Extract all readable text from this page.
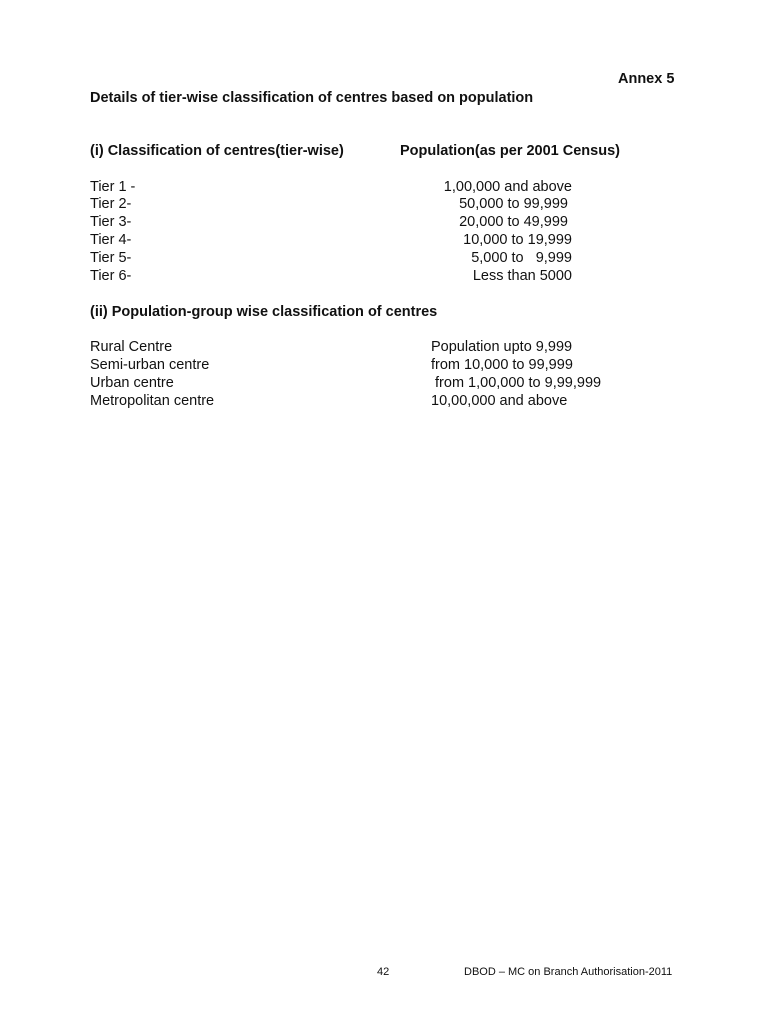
Annex 5
Details of tier-wise classification of centres based on population
(i) Classification of centres(tier-wise)	Population(as per 2001 Census)
Tier 1 -	1,00,000 and above
Tier 2-	50,000 to 99,999
Tier 3-	20,000 to 49,999
Tier 4-	10,000 to 19,999
Tier 5-	5,000 to   9,999
Tier 6-	Less than 5000
(ii) Population-group wise classification of centres
Rural Centre	Population upto 9,999
Semi-urban centre	from 10,000 to 99,999
Urban centre	from 1,00,000 to 9,99,999
Metropolitan centre	10,00,000 and above
42	DBOD – MC on Branch Authorisation-2011
